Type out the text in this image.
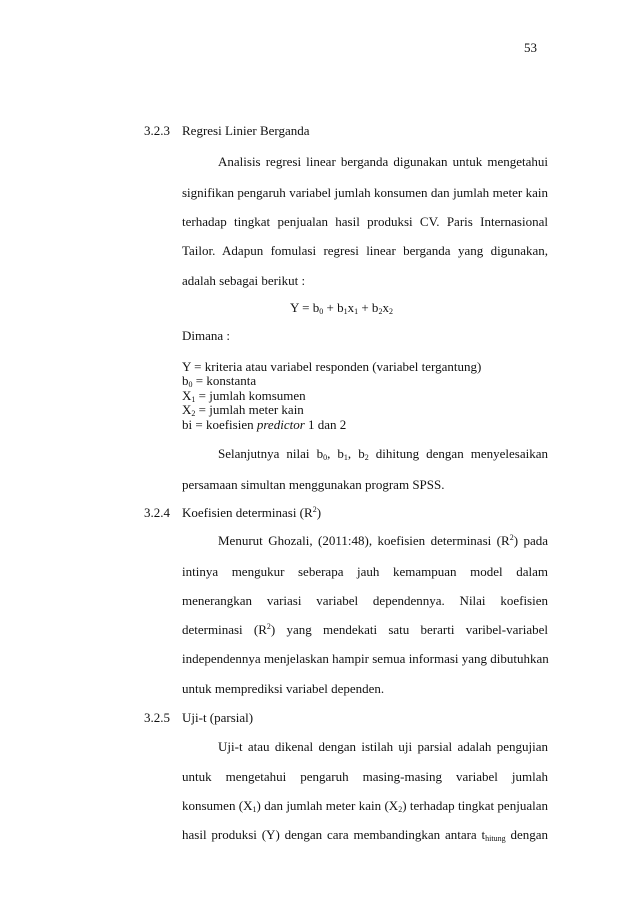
53
3.2.3 Regresi Linier Berganda
Analisis regresi linear berganda digunakan untuk mengetahui
signifikan pengaruh variabel jumlah konsumen dan jumlah meter kain
terhadap tingkat penjualan hasil produksi CV. Paris Internasional
Tailor. Adapun fomulasi regresi linear berganda yang digunakan,
adalah sebagai berikut :
$Y = b_0 + b_1x_1 + b_2x_2$
Dimana :
Y = kriteria atau variabel responden (variabel tergantung)
$b_0$ = konstanta
$X_1$ = jumlah komsumen
$X_2$ = jumlah meter kain
bi = koefisien predictor 1 dan 2
Selanjutnya nilai $b_0$, $b_1$, $b_2$ dihitung dengan menyelesaikan
persamaan simultan menggunakan program SPSS.
3.2.4 Koefisien determinasi $(R^2)$
Menurut Ghozali, (2011:48), koefisien determinasi $(R^2)$ pada
intinya mengukur seberapa jauh kemampuan model dalam
menerangkan variasi variabel dependennya. Nilai koefisien
determinasi $(R^2)$ yang mendekati satu berarti varibel-variabel
independennya menjelaskan hampir semua informasi yang dibutuhkan
untuk memprediksi variabel dependen.
3.2.5 Uji-t (parsial)
Uji-t atau dikenal dengan istilah uji parsial adalah pengujian
untuk mengetahui pengaruh masing-masing variabel jumlah
konsumen $(X_1)$ dan jumlah meter kain $(X_2)$ terhadap tingkat penjualan
hasil produksi (Y) dengan cara membandingkan antara $t_{hitung}$ dengan
